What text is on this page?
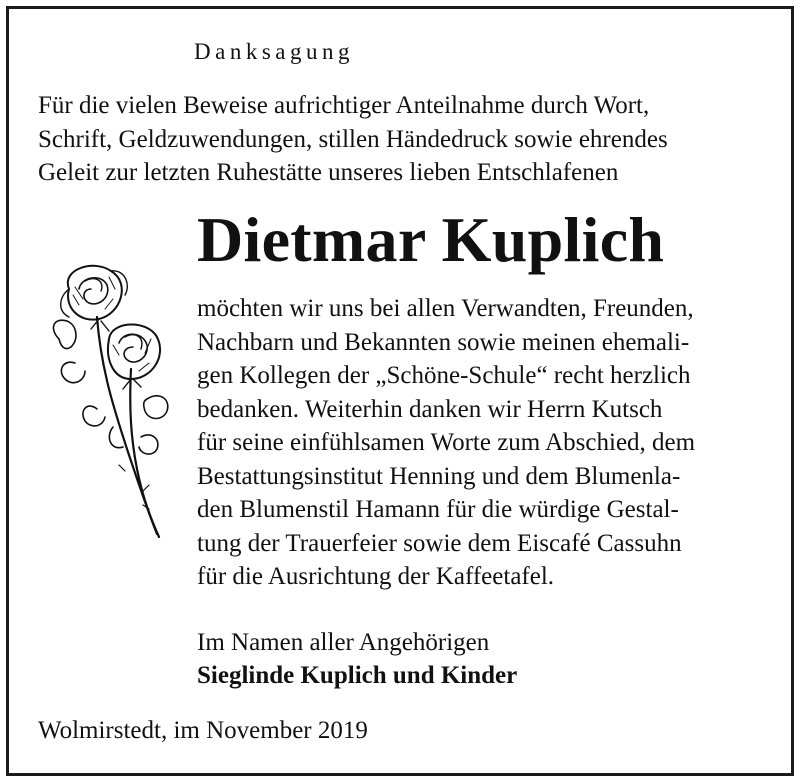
Danksagung
Für die vielen Beweise aufrichtiger Anteilnahme durch Wort,
Schrift, Geldzuwendungen, stillen Händedruck sowie ehrendes
Geleit zur letzten Ruhestätte unseres lieben Entschlafenen
Dietmar Kuplich
möchten wir uns bei allen Verwandten, Freunden,
Nachbarn und Bekannten sowie meinen ehemali-
gen Kollegen der „Schöne-Schule“ recht herzlich
bedanken. Weiterhin danken wir Herrn Kutsch
für seine einfühlsamen Worte zum Abschied, dem
Bestattungsinstitut Henning und dem Blumenla-
den Blumenstil Hamann für die würdige Gestal-
tung der Trauerfeier sowie dem Eiscafé Cassuhn
für die Ausrichtung der Kaffeetafel.
Im Namen aller Angehörigen
Sieglinde Kuplich und Kinder
Wolmirstedt, im November 2019
